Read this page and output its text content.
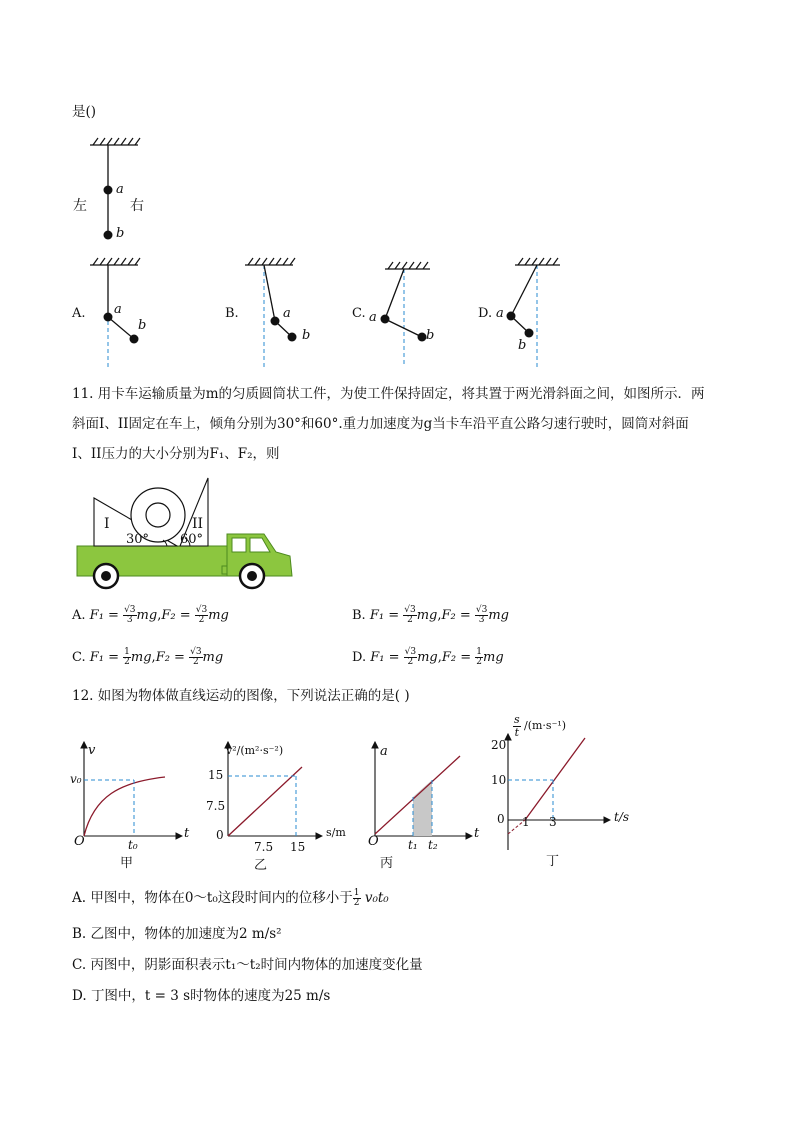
是()
a
b
左	右
A. a
b
B.	a
b
C. a
b
D. a
b
11. 用卡车运输质量为m的匀质圆筒状工件，为使工件保持固定，将其置于两光滑斜面之间，如图所示．两
斜面I、II固定在车上，倾角分别为30°和60°.重力加速度为g当卡车沿平直公路匀速行驶时，圆筒对斜面
I、II压力的大小分别为F₁、F₂，则
I	II
30° 60°
A. $F_1 = \frac{√3}{3} mg,F_2 = \frac{√3}{2}$ mg	B. $F_1 = \frac{√3}{2} mg,F_2 = \frac{√3}{3}$ mg
C. $F_1 = \frac{1}{2} mg,F_2 = \frac{√3}{2}$ mg	D. $F_1 = \frac{√3}{2} mg,F_2 = \frac{1}{2}$ mg
12. 如图为物体做直线运动的图像，下列说法正确的是( )
v
t
O
v₀
t₀
甲
v²/(m²·s⁻²)
s/m
0
15
7.5
7.5 15
乙
a
t
O t₁ t₂
丙
s
t
/(m·s⁻¹)
t/s
0
20
10
1 3
丁
A. 甲图中，物体在0～t₀这段时间内的位移小于 $\frac{1}{2} v_0t_0$
B. 乙图中，物体的加速度为2 m/s²
C. 丙图中，阴影面积表示t₁～t₂时间内物体的加速度变化量
D. 丁图中，t = 3 s时物体的速度为25 m/s
